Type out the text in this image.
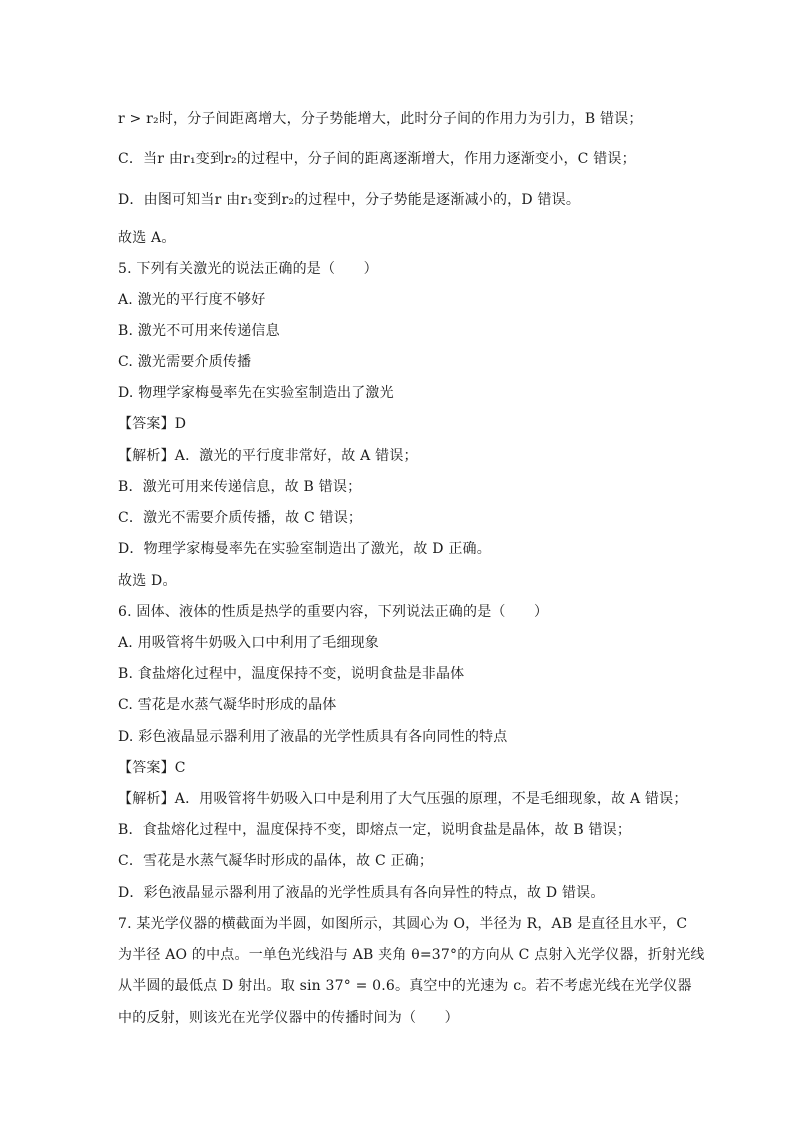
r > r₂时，分子间距离增大，分子势能增大，此时分子间的作用力为引力，B 错误；
C．当r 由r₁变到r₂的过程中，分子间的距离逐渐增大，作用力逐渐变小，C 错误；
D．由图可知当r 由r₁变到r₂的过程中，分子势能是逐渐减小的，D 错误。
故选 A。
5. 下列有关激光的说法正确的是（　　）
A. 激光的平行度不够好
B. 激光不可用来传递信息
C. 激光需要介质传播
D. 物理学家梅曼率先在实验室制造出了激光
【答案】D
【解析】A．激光的平行度非常好，故 A 错误；
B．激光可用来传递信息，故 B 错误；
C．激光不需要介质传播，故 C 错误；
D．物理学家梅曼率先在实验室制造出了激光，故 D 正确。
故选 D。
6. 固体、液体的性质是热学的重要内容，下列说法正确的是（　　）
A. 用吸管将牛奶吸入口中利用了毛细现象
B. 食盐熔化过程中，温度保持不变，说明食盐是非晶体
C. 雪花是水蒸气凝华时形成的晶体
D. 彩色液晶显示器利用了液晶的光学性质具有各向同性的特点
【答案】C
【解析】A．用吸管将牛奶吸入口中是利用了大气压强的原理，不是毛细现象，故 A 错误；
B．食盐熔化过程中，温度保持不变，即熔点一定，说明食盐是晶体，故 B 错误；
C．雪花是水蒸气凝华时形成的晶体，故 C 正确；
D．彩色液晶显示器利用了液晶的光学性质具有各向异性的特点，故 D 错误。
7. 某光学仪器的横截面为半圆，如图所示，其圆心为 O，半径为 R，AB 是直径且水平，C
为半径 AO 的中点。一单色光线沿与 AB 夹角 θ=37°的方向从 C 点射入光学仪器，折射光线
从半圆的最低点 D 射出。取 sin 37° = 0.6。真空中的光速为 c。若不考虑光线在光学仪器
中的反射，则该光在光学仪器中的传播时间为（　　）
